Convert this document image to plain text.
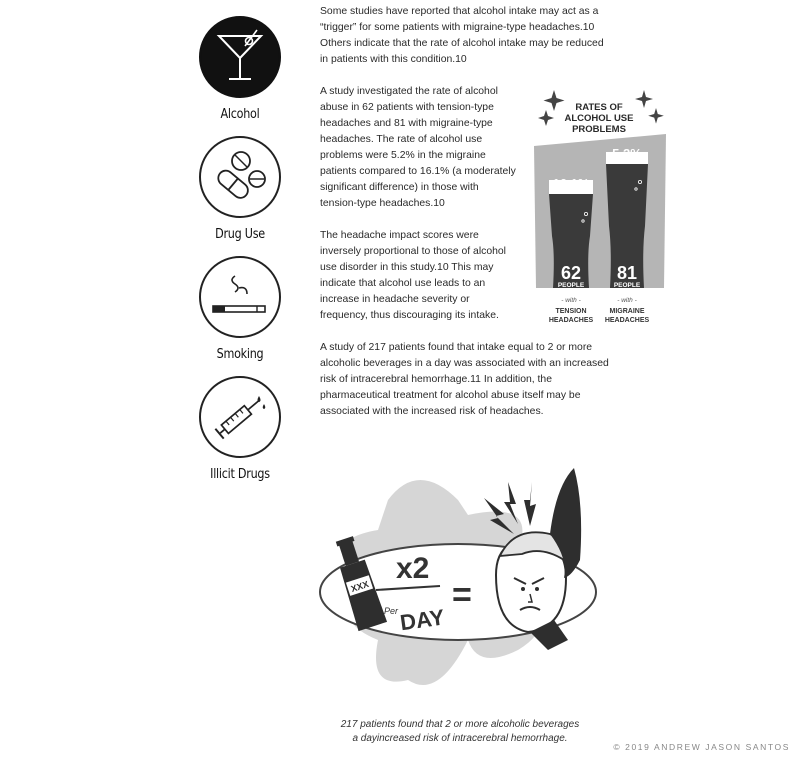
Alcohol
Drug Use
Smoking
Illicit Drugs

Some studies have reported that alcohol intake may act as a “trigger” for some patients with migraine-type headaches.10 Others indicate that the rate of alcohol intake may be reduced in patients with this condition.10

A study investigated the rate of alcohol abuse in 62 patients with tension-type headaches and 81 with migraine-type headaches. The rate of alcohol use problems were 5.2% in the migraine patients compared to 16.1% (a moderately significant difference) in those with tension-type headaches.10

The headache impact scores were inversely proportional to those of alcohol use disorder in this study.10 This may indicate that alcohol use leads to an increase in headache severity or frequency, thus discouraging its intake.

A study of 217 patients found that intake equal to 2 or more alcoholic beverages in a day was associated with an increased risk of intracerebral hemorrhage.11 In addition, the pharmaceutical treatment for alcohol abuse itself may be associated with the increased risk of headaches.

RATES OF
ALCOHOL USE
PROBLEMS
16.1%
62
PEOPLE
5.2%
81
PEOPLE
- with -
TENSION
HEADACHES
- with -
MIGRAINE
HEADACHES
XXX
x2
Per DAY
=
217 patients found that 2 or more alcoholic beverages
a dayincreased risk of intracerebral hemorrhage.
© 2019 ANDREW JASON SANTOS
